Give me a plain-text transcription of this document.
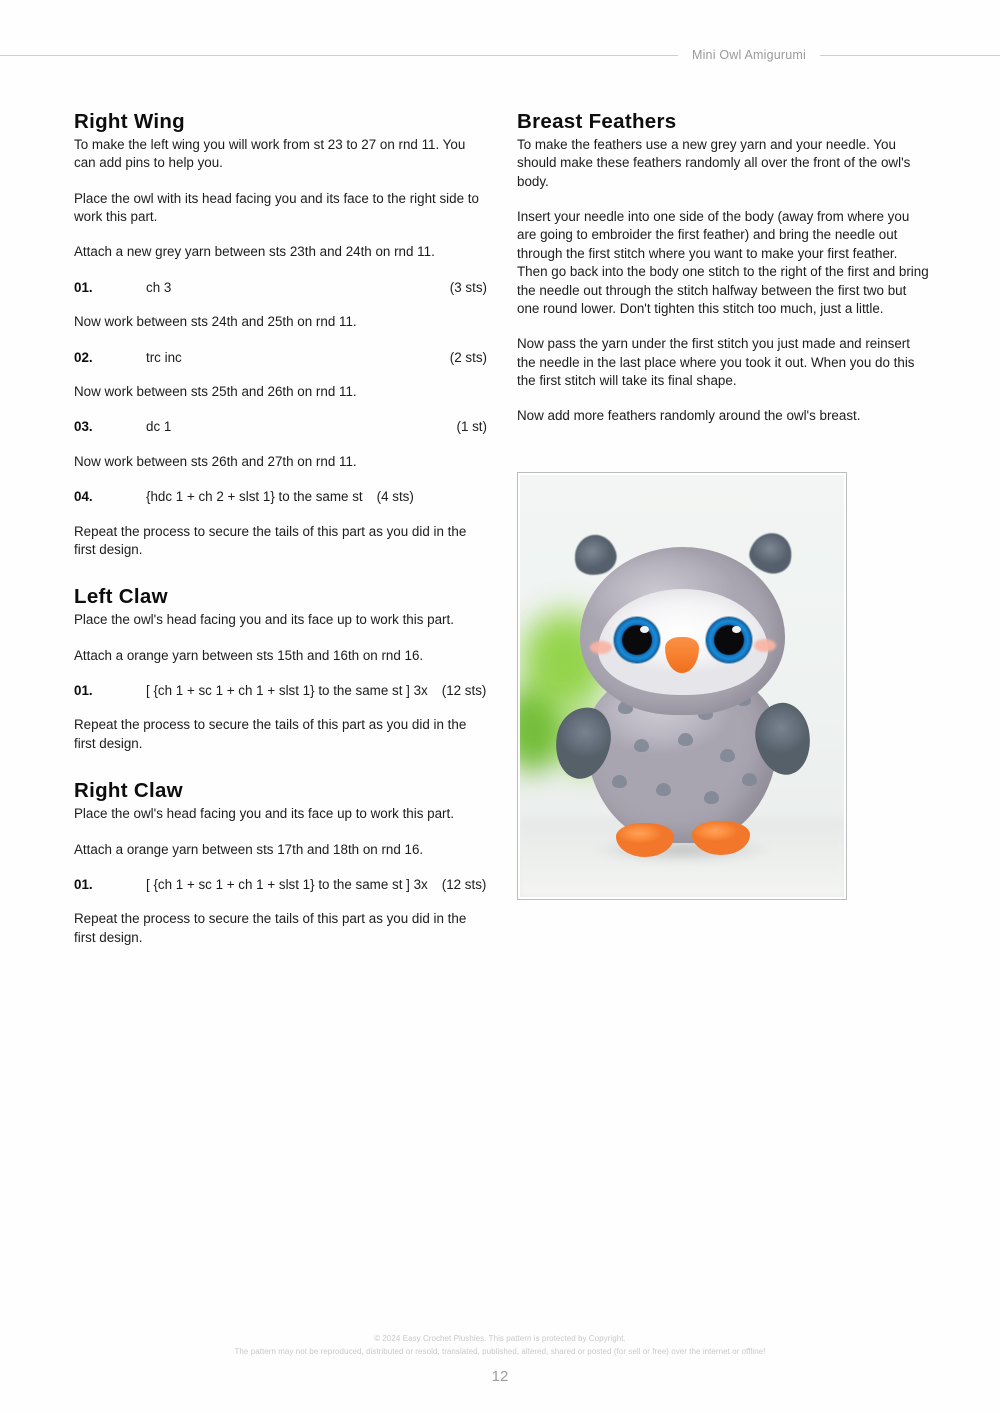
Mini Owl Amigurumi
Right Wing

To make the left wing you will work from st 23 to 27 on rnd 11. You can add pins to help you.

Place the owl with its head facing you and its face to the right side to work this part.

Attach a new grey yarn between sts 23th and 24th on rnd 11.

01.	ch 3	(3 sts)

Now work between sts 24th and 25th on rnd 11.

02.	trc inc	(2 sts)

Now work between sts 25th and 26th on rnd 11.

03.	dc 1	(1 st)

Now work between sts 26th and 27th on rnd 11.

04.	{hdc 1 + ch 2 + slst 1} to the same st (4 sts)

Repeat the process to secure the tails of this part as you did in the first design.

Left Claw

Place the owl's head facing you and its face up to work this part.

Attach a orange yarn between sts 15th and 16th on rnd 16.

01.	[ {ch 1 + sc 1 + ch 1 + slst 1} to the same st ] 3x (12 sts)

Repeat the process to secure the tails of this part as you did in the first design.

Right Claw

Place the owl's head facing you and its face up to work this part.

Attach a orange yarn between sts 17th and 18th on rnd 16.

01.	[ {ch 1 + sc 1 + ch 1 + slst 1} to the same st ] 3x (12 sts)

Repeat the process to secure the tails of this part as you did in the first design.

Breast Feathers

To make the feathers use a new grey yarn and your needle. You should make these feathers randomly all over the front of the owl's body.

Insert your needle into one side of the body (away from where you are going to embroider the first feather) and bring the needle out through the first stitch where you want to make your first feather. Then go back into the body one stitch to the right of the first and bring the needle out through the stitch halfway between the first two but one round lower. Don't tighten this stitch too much, just a little.

Now pass the yarn under the first stitch you just made and reinsert the needle in the last place where you took it out. When you do this the first stitch will take its final shape.

Now add more feathers randomly around the owl's breast.

© 2024 Easy Crochet Plushies. This pattern is protected by Copyright.
The pattern may not be reproduced, distributed or resold, translated, published, altered, shared or posted (for sell or free) over the internet or offline!
12
